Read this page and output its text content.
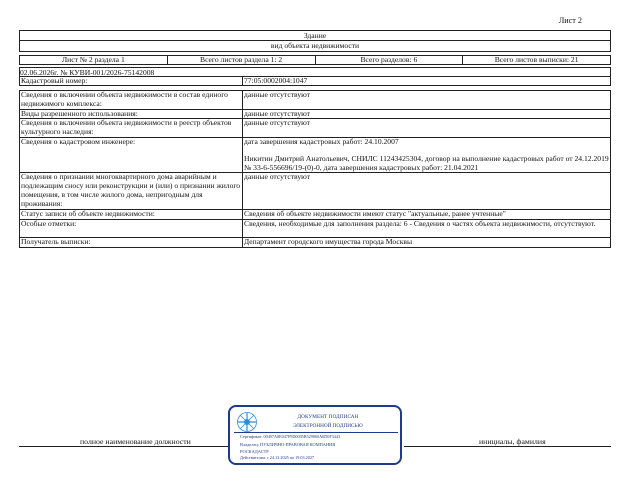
Лист 2
Здание
вид объекта недвижимости
Лист № 2 раздела 1	Всего листов раздела 1: 2	Всего разделов: 6	Всего листов выписки: 21
02.06.2026г. № КУВИ-001/2026-75142008
Кадастровый номер:	77:05:0002004:1047
Сведения о включении объекта недвижимости в состав единого недвижимого комплекса:	данные отсутствуют
Виды разрешенного использования:	данные отсутствуют
Сведения о включении объекта недвижимости в реестр объектов культурного наследия:	данные отсутствуют
Сведения о кадастровом инженере:	дата завершения кадастровых работ: 24.10.2007
Никитин Дмитрий Анатольевич, СНИЛС 11243425304, договор на выполнение кадастровых работ от 24.12.2019 № 33-6-556696/19-(0)-0, дата завершения кадастровых работ: 21.04.2021

Сведения о признании многоквартирного дома аварийным и подлежащим сносу или реконструкции и (или) о признании жилого помещения, в том числе жилого дома, непригодным для проживания:	данные отсутствуют
Статус записи об объекте недвижимости:	Сведения об объекте недвижимости имеют статус "актуальные, ранее учтенные"
Особые отметки:	Сведения, необходимые для заполнения раздела: 6 - Сведения о частях объекта недвижимости, отсутствуют.
Получатель выписки:	Департамент городского имущества города Москвы
полное наименование должности	инициалы, фамилия
ДОКУМЕНТ ПОДПИСАН
ЭЛЕКТРОННОЙ ПОДПИСЬЮ
Сертификат: 00497A0E047F9D0005B529860A0D0F3443
Владелец: ПУБЛИЧНО-ПРАВОВАЯ КОМПАНИЯ
РОСКАДАСТР
Действителен: с 24.12.2025 по 19.03.2027
